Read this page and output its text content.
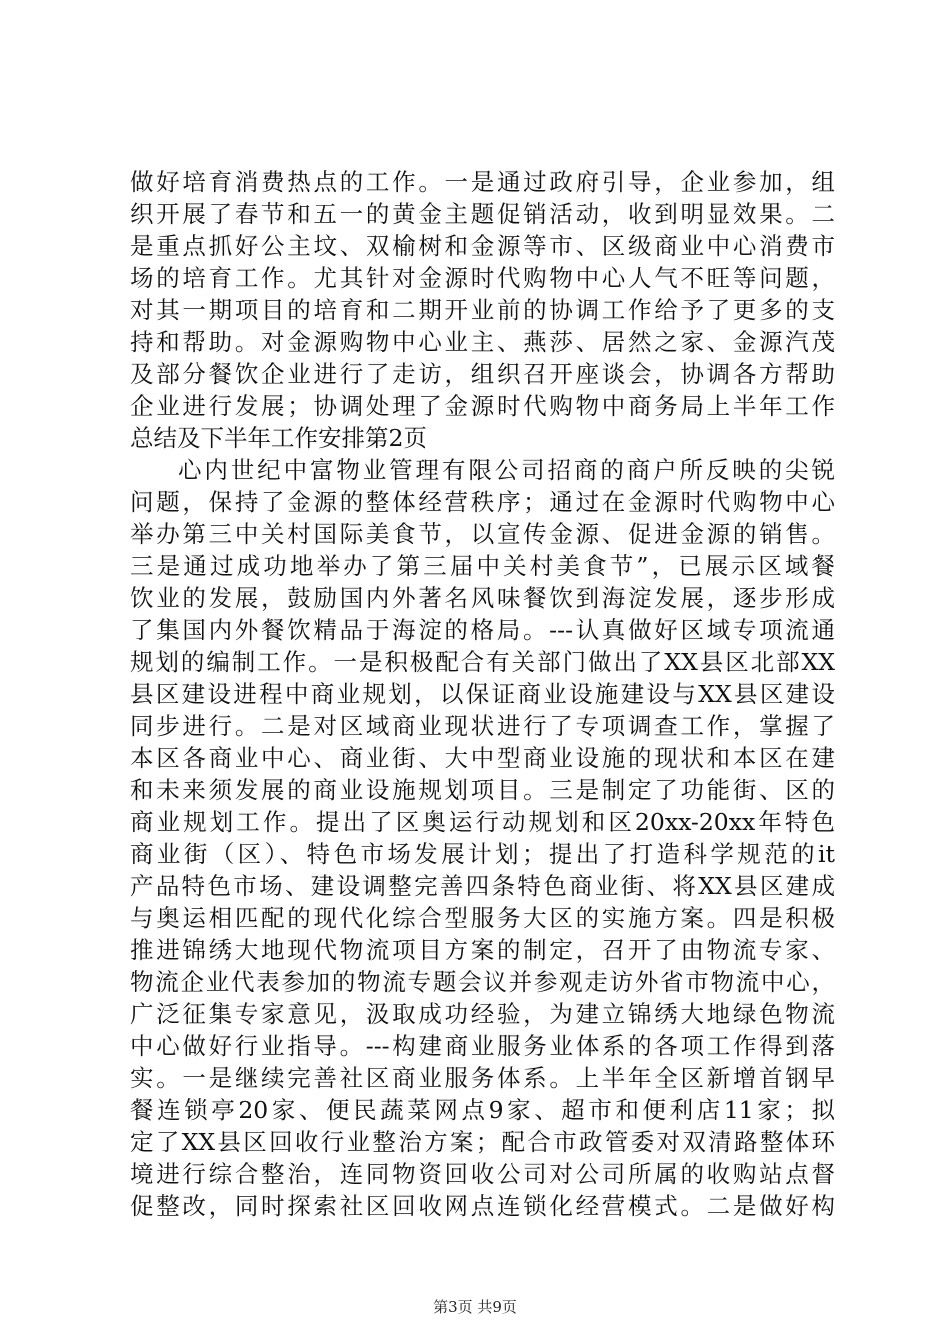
做好培育消费热点的工作。一是通过政府引导，企业参加，组
织开展了春节和五一的黄金主题促销活动，收到明显效果。二
是重点抓好公主坟、双榆树和金源等市、区级商业中心消费市
场的培育工作。尤其针对金源时代购物中心人气不旺等问题，
对其一期项目的培育和二期开业前的协调工作给予了更多的支
持和帮助。对金源购物中心业主、燕莎、居然之家、金源汽茂
及部分餐饮企业进行了走访，组织召开座谈会，协调各方帮助
企业进行发展；协调处理了金源时代购物中商务局上半年工作
总结及下半年工作安排第2页
心内世纪中富物业管理有限公司招商的商户所反映的尖锐
问题，保持了金源的整体经营秩序；通过在金源时代购物中心
举办第三中关村国际美食节，以宣传金源、促进金源的销售。
三是通过成功地举办了第三届中关村美食节”，已展示区域餐
饮业的发展，鼓励国内外著名风味餐饮到海淀发展，逐步形成
了集国内外餐饮精品于海淀的格局。---认真做好区域专项流通
规划的编制工作。一是积极配合有关部门做出了XX县区北部XX
县区建设进程中商业规划，以保证商业设施建设与XX县区建设
同步进行。二是对区域商业现状进行了专项调查工作，掌握了
本区各商业中心、商业街、大中型商业设施的现状和本区在建
和未来须发展的商业设施规划项目。三是制定了功能街、区的
商业规划工作。提出了区奥运行动规划和区20xx-20xx年特色
商业街（区）、特色市场发展计划；提出了打造科学规范的it
产品特色市场、建设调整完善四条特色商业街、将XX县区建成
与奥运相匹配的现代化综合型服务大区的实施方案。四是积极
推进锦绣大地现代物流项目方案的制定，召开了由物流专家、
物流企业代表参加的物流专题会议并参观走访外省市物流中心，
广泛征集专家意见，汲取成功经验，为建立锦绣大地绿色物流
中心做好行业指导。---构建商业服务业体系的各项工作得到落
实。一是继续完善社区商业服务体系。上半年全区新增首钢早
餐连锁亭20家、便民蔬菜网点9家、超市和便利店11家；拟
定了XX县区回收行业整治方案；配合市政管委对双清路整体环
境进行综合整治，连同物资回收公司对公司所属的收购站点督
促整改，同时探索社区回收网点连锁化经营模式。二是做好构
第3页 共9页
